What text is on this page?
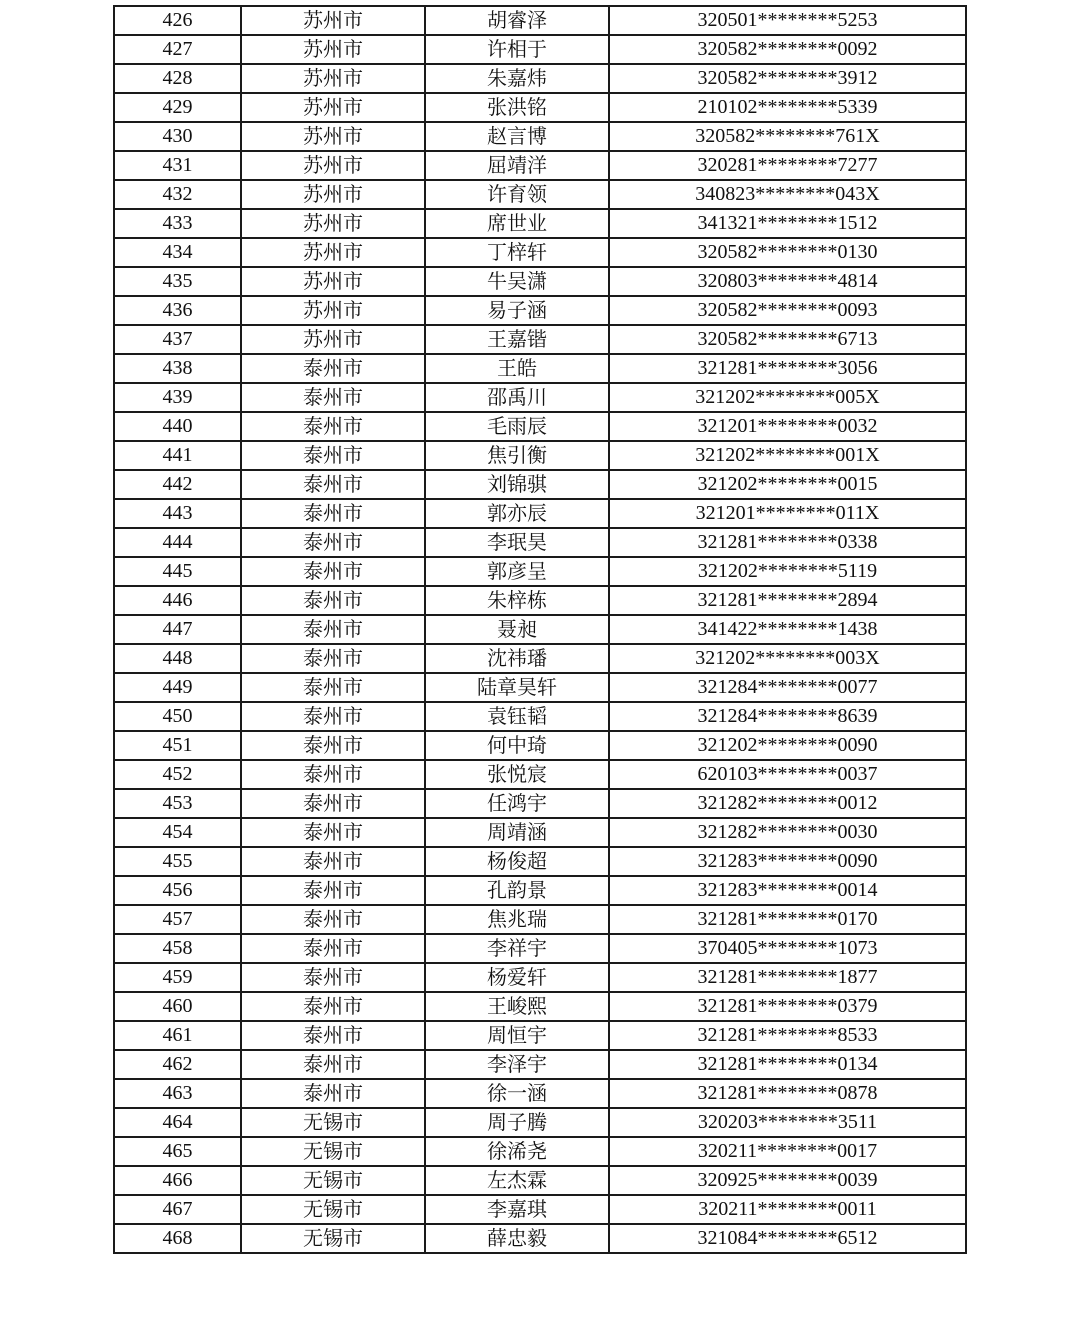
426	苏州市	胡睿泽	320501********5253
427	苏州市	许相于	320582********0092
428	苏州市	朱嘉炜	320582********3912
429	苏州市	张洪铭	210102********5339
430	苏州市	赵言博	320582********761X
431	苏州市	屈靖洋	320281********7277
432	苏州市	许育领	340823********043X
433	苏州市	席世业	341321********1512
434	苏州市	丁梓轩	320582********0130
435	苏州市	牛吴潇	320803********4814
436	苏州市	易子涵	320582********0093
437	苏州市	王嘉锴	320582********6713
438	泰州市	王皓	321281********3056
439	泰州市	邵禹川	321202********005X
440	泰州市	毛雨辰	321201********0032
441	泰州市	焦引衡	321202********001X
442	泰州市	刘锦骐	321202********0015
443	泰州市	郭亦辰	321201********011X
444	泰州市	李珉昊	321281********0338
445	泰州市	郭彦呈	321202********5119
446	泰州市	朱梓栋	321281********2894
447	泰州市	聂昶	341422********1438
448	泰州市	沈祎璠	321202********003X
449	泰州市	陆章昊轩	321284********0077
450	泰州市	袁钰韬	321284********8639
451	泰州市	何中琦	321202********0090
452	泰州市	张悦宸	620103********0037
453	泰州市	任鸿宇	321282********0012
454	泰州市	周靖涵	321282********0030
455	泰州市	杨俊超	321283********0090
456	泰州市	孔韵景	321283********0014
457	泰州市	焦兆瑞	321281********0170
458	泰州市	李祥宇	370405********1073
459	泰州市	杨爱轩	321281********1877
460	泰州市	王峻熙	321281********0379
461	泰州市	周恒宇	321281********8533
462	泰州市	李泽宇	321281********0134
463	泰州市	徐一涵	321281********0878
464	无锡市	周子腾	320203********3511
465	无锡市	徐浠尧	320211********0017
466	无锡市	左杰霖	320925********0039
467	无锡市	李嘉琪	320211********0011
468	无锡市	薛忠毅	321084********6512
